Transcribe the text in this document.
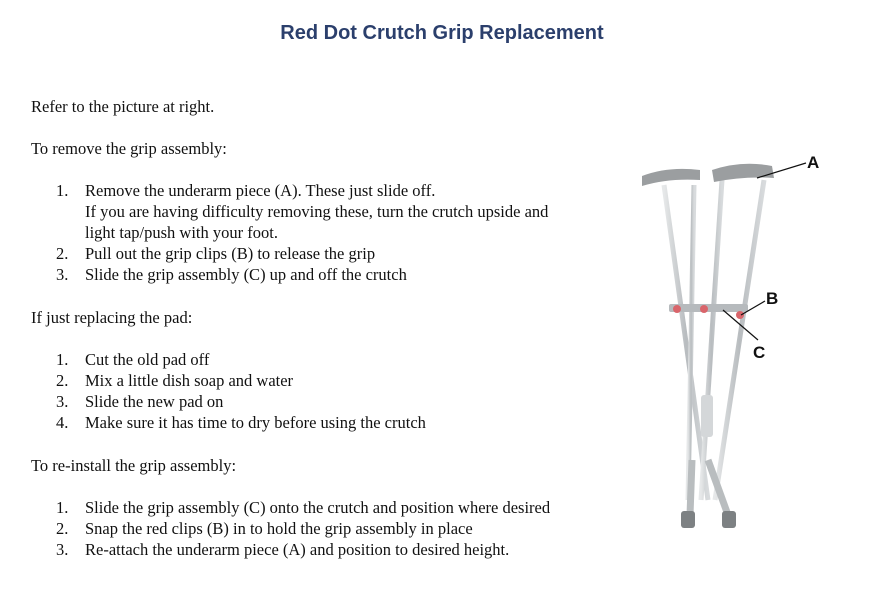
Red Dot Crutch Grip Replacement

Refer to the picture at right.

To remove the grip assembly:

1. Remove the underarm piece (A). These just slide off.
If you are having difficulty removing these, turn the crutch upside and
light tap/push with your foot.
2. Pull out the grip clips (B) to release the grip
3. Slide the grip assembly (C) up and off the crutch

If just replacing the pad:

1. Cut the old pad off
2. Mix a little dish soap and water
3. Slide the new pad on
4. Make sure it has time to dry before using the crutch

To re-install the grip assembly:

1. Slide the grip assembly (C) onto the crutch and position where desired
2. Snap the red clips (B) in to hold the grip assembly in place
3. Re-attach the underarm piece (A) and position to desired height.
A
B
C
